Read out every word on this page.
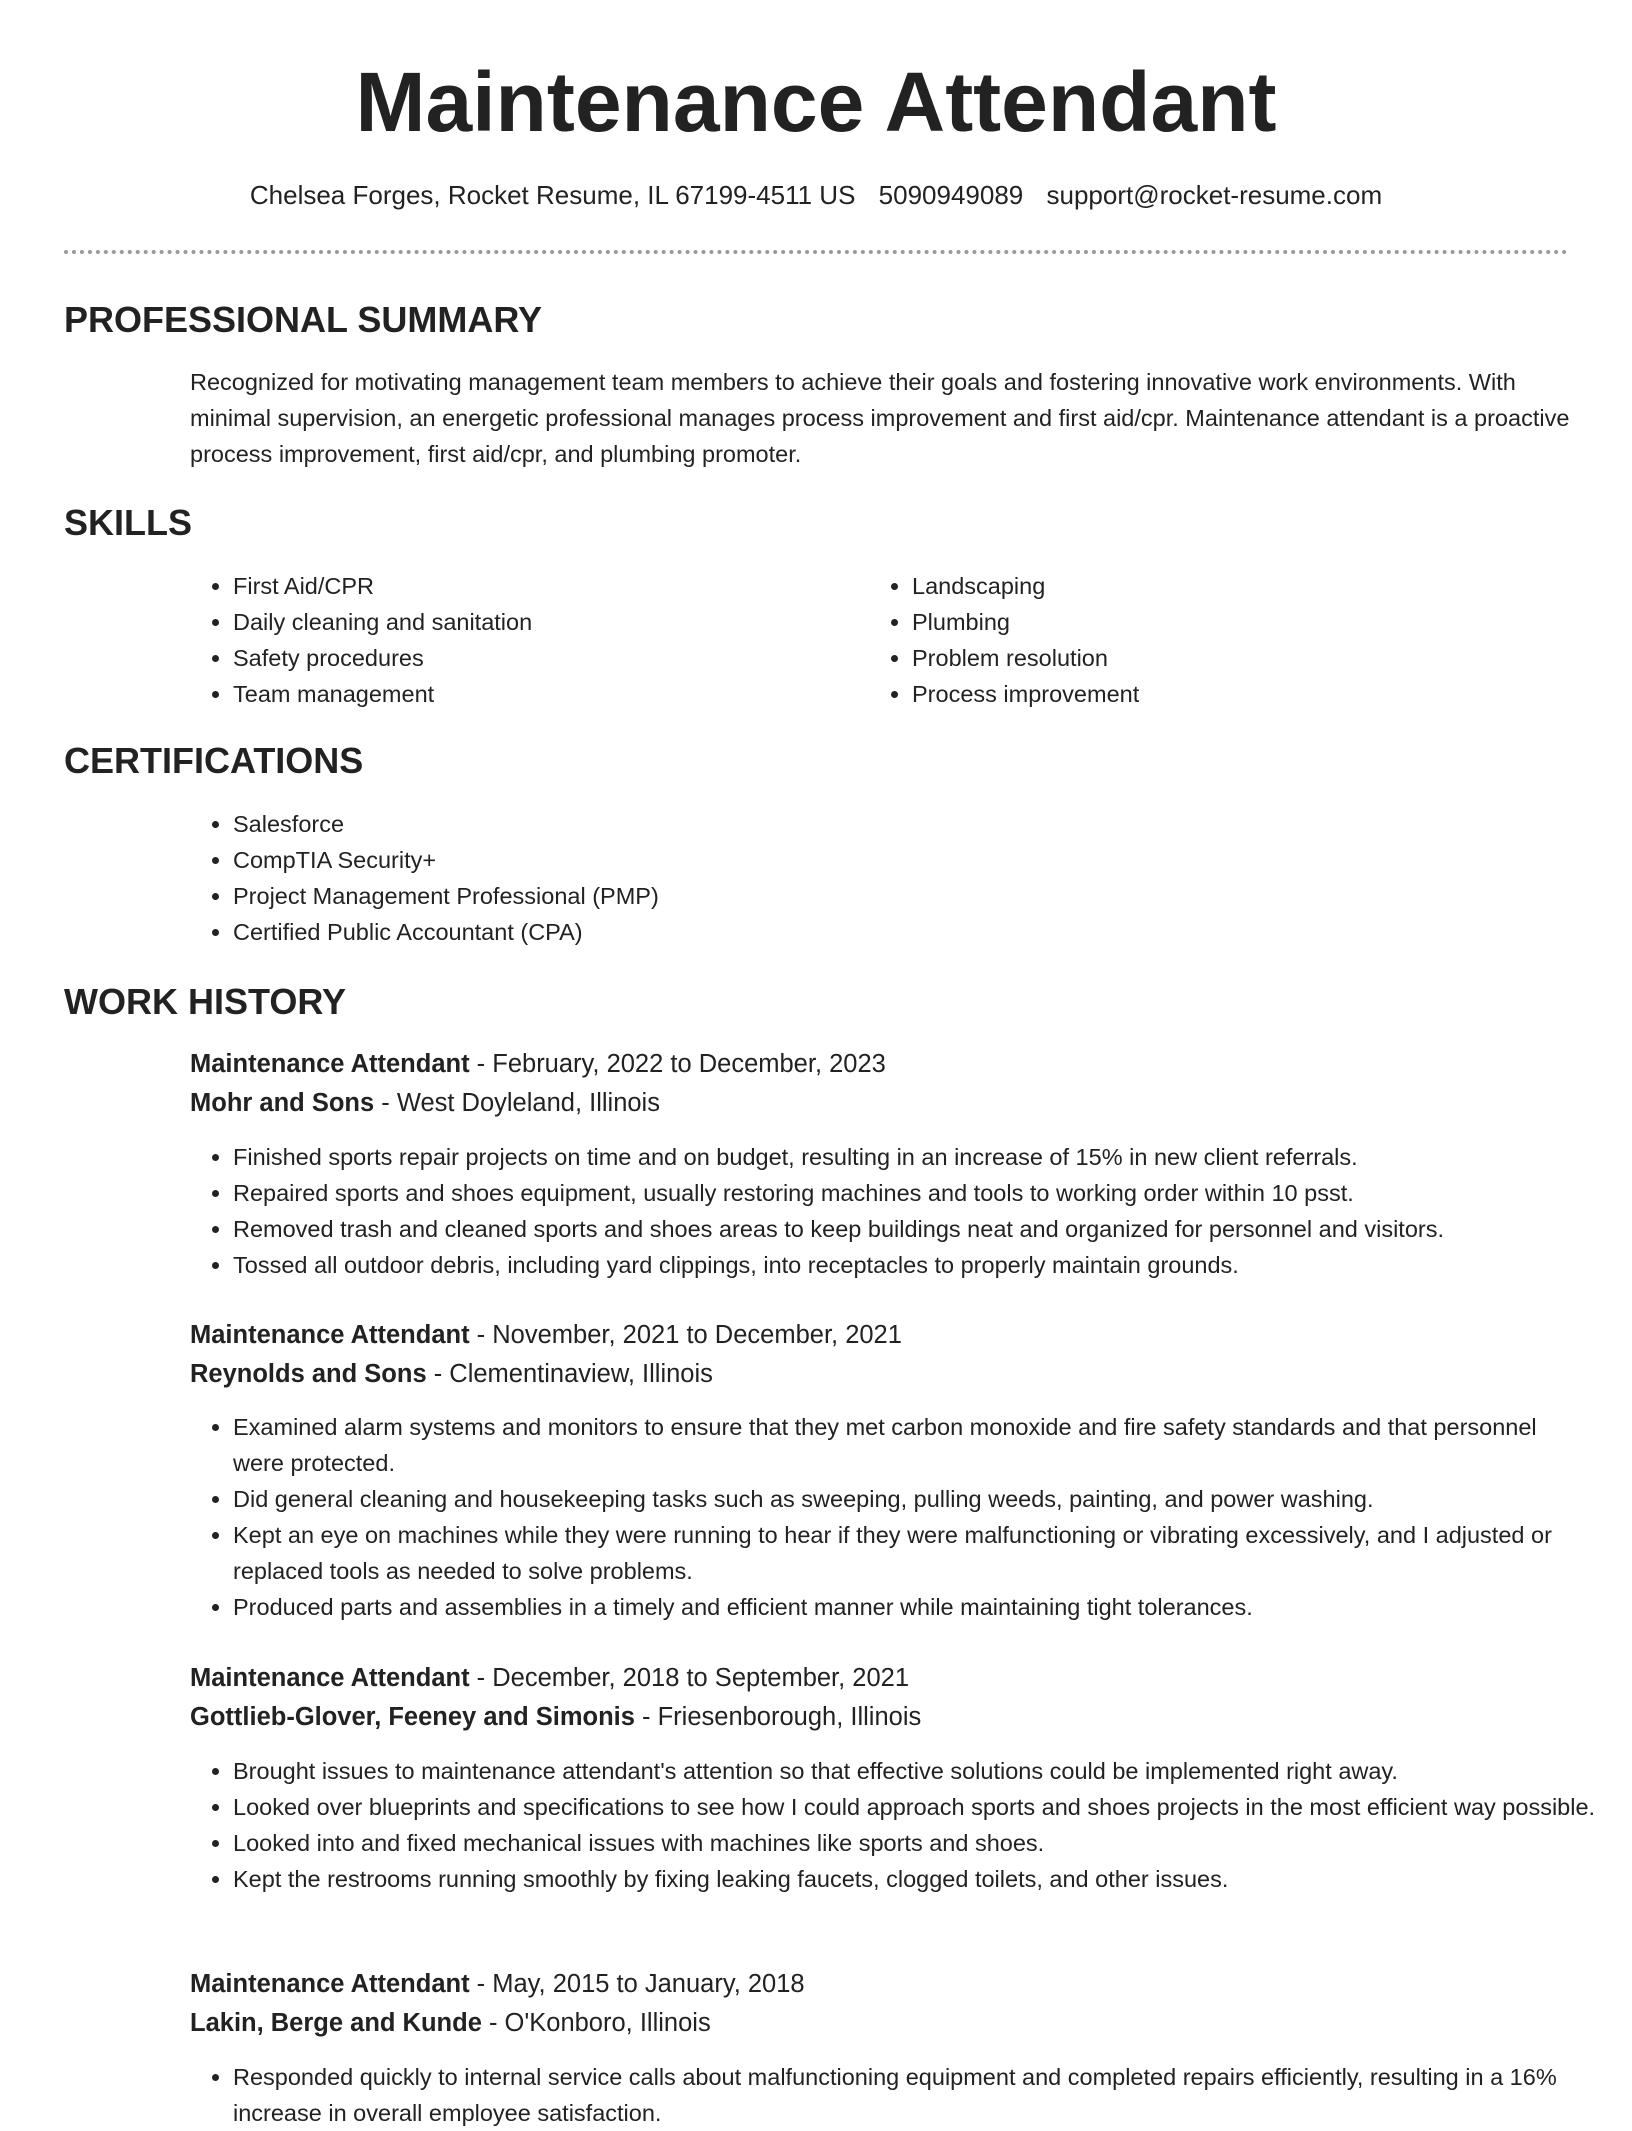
Maintenance Attendant
Chelsea Forges, Rocket Resume, IL 67199-4511 US 5090949089 support@rocket-resume.com
PROFESSIONAL SUMMARY

Recognized for motivating management team members to achieve their goals and fostering innovative work environments. With minimal supervision, an energetic professional manages process improvement and first aid/cpr. Maintenance attendant is a proactive process improvement, first aid/cpr, and plumbing promoter.

SKILLS
• First Aid/CPR
• Daily cleaning and sanitation
• Safety procedures
• Team management
• Landscaping
• Plumbing
• Problem resolution
• Process improvement
CERTIFICATIONS
• Salesforce
• CompTIA Security+
• Project Management Professional (PMP)
• Certified Public Accountant (CPA)
WORK HISTORY
Maintenance Attendant - February, 2022 to December, 2023
Mohr and Sons - West Doyleland, Illinois
• Finished sports repair projects on time and on budget, resulting in an increase of 15% in new client referrals.
• Repaired sports and shoes equipment, usually restoring machines and tools to working order within 10 psst.
• Removed trash and cleaned sports and shoes areas to keep buildings neat and organized for personnel and visitors.
• Tossed all outdoor debris, including yard clippings, into receptacles to properly maintain grounds.
Maintenance Attendant - November, 2021 to December, 2021
Reynolds and Sons - Clementinaview, Illinois
• Examined alarm systems and monitors to ensure that they met carbon monoxide and fire safety standards and that personnel were protected.
• Did general cleaning and housekeeping tasks such as sweeping, pulling weeds, painting, and power washing.
• Kept an eye on machines while they were running to hear if they were malfunctioning or vibrating excessively, and I adjusted or replaced tools as needed to solve problems.
• Produced parts and assemblies in a timely and efficient manner while maintaining tight tolerances.
Maintenance Attendant - December, 2018 to September, 2021
Gottlieb-Glover, Feeney and Simonis - Friesenborough, Illinois
• Brought issues to maintenance attendant's attention so that effective solutions could be implemented right away.
• Looked over blueprints and specifications to see how I could approach sports and shoes projects in the most efficient way possible.
• Looked into and fixed mechanical issues with machines like sports and shoes.
• Kept the restrooms running smoothly by fixing leaking faucets, clogged toilets, and other issues.
Maintenance Attendant - May, 2015 to January, 2018
Lakin, Berge and Kunde - O'Konboro, Illinois
• Responded quickly to internal service calls about malfunctioning equipment and completed repairs efficiently, resulting in a 16% increase in overall employee satisfaction.
